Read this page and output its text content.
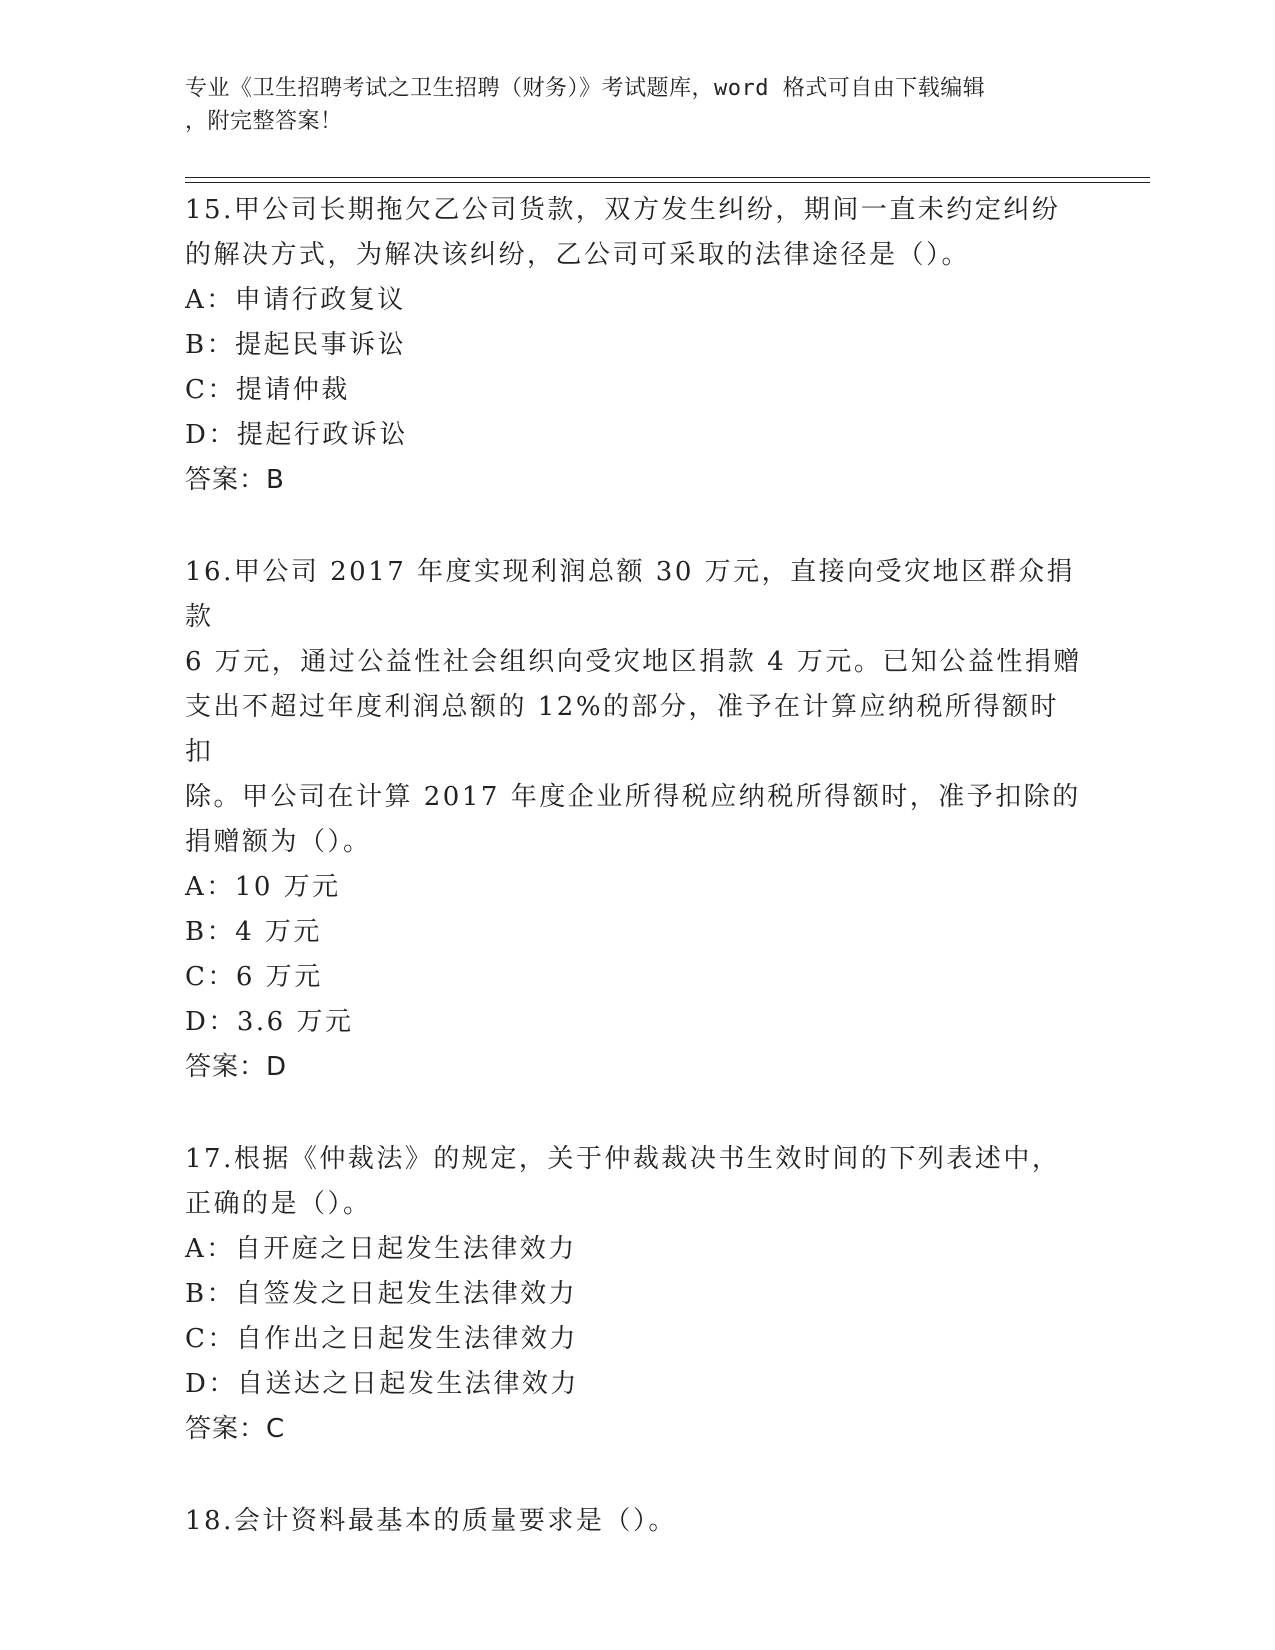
专业《卫生招聘考试之卫生招聘（财务）》考试题库，word 格式可自由下载编辑
，附完整答案！
15.甲公司长期拖欠乙公司货款，双方发生纠纷，期间一直未约定纠纷
的解决方式，为解决该纠纷，乙公司可采取的法律途径是（）。
A：申请行政复议
B：提起民事诉讼
C：提请仲裁
D：提起行政诉讼
答案：B
16.甲公司 2017 年度实现利润总额 30 万元，直接向受灾地区群众捐款
6 万元，通过公益性社会组织向受灾地区捐款 4 万元。已知公益性捐赠
支出不超过年度利润总额的 12%的部分，准予在计算应纳税所得额时扣
除。甲公司在计算 2017 年度企业所得税应纳税所得额时，准予扣除的
捐赠额为（）。
A：10 万元
B：4 万元
C：6 万元
D：3.6 万元
答案：D
17.根据《仲裁法》的规定，关于仲裁裁决书生效时间的下列表述中，
正确的是（）。
A：自开庭之日起发生法律效力
B：自签发之日起发生法律效力
C：自作出之日起发生法律效力
D：自送达之日起发生法律效力
答案：C
18.会计资料最基本的质量要求是（）。
